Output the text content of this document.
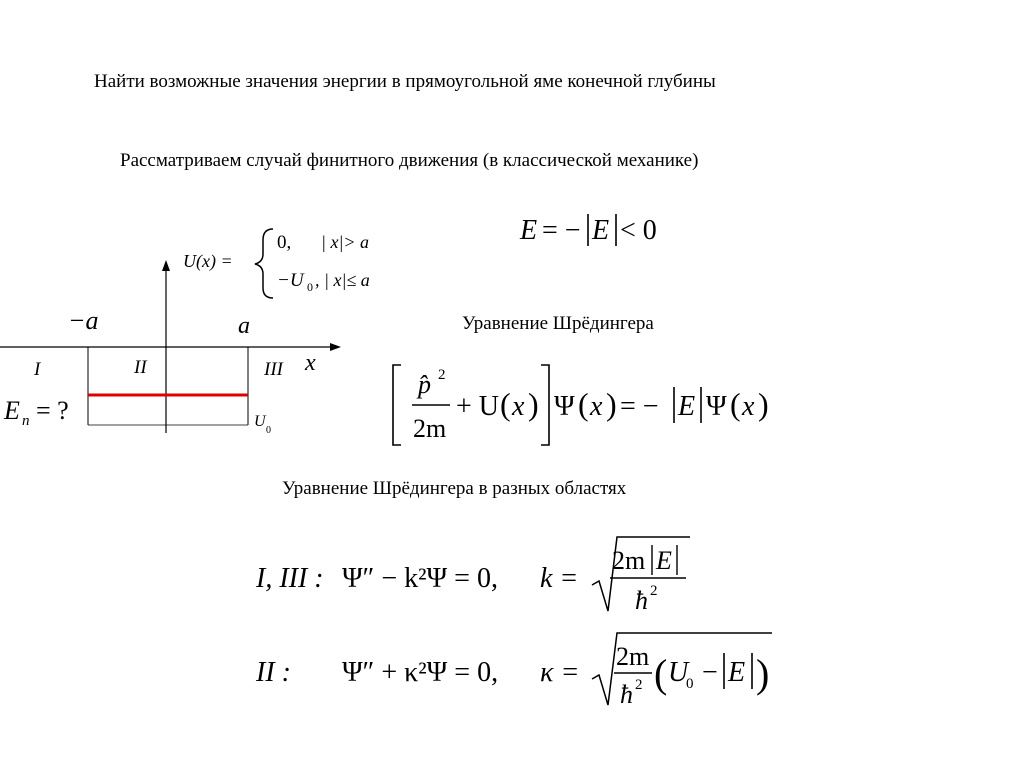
Найти возможные значения энергии в прямоугольной яме конечной глубины
Рассматриваем случай финитного движения (в классической механике)
U(x) =
0, | x|> a
−U 0 , | x|≤ a
E = − E < 0
−a	a
x
I	II	III
E n = ?	U
0
Уравнение Шрёдингера
p̂ 2
2m
+ U ( x ) Ψ ( x ) = − E Ψ ( x )
Уравнение Шрёдингера в разных областях
I, III : Ψ″ − k²Ψ = 0, k =
2m E
ħ 2
II : Ψ″ + κ²Ψ = 0, κ =
2m
ħ 2 ( U
0 − E )
